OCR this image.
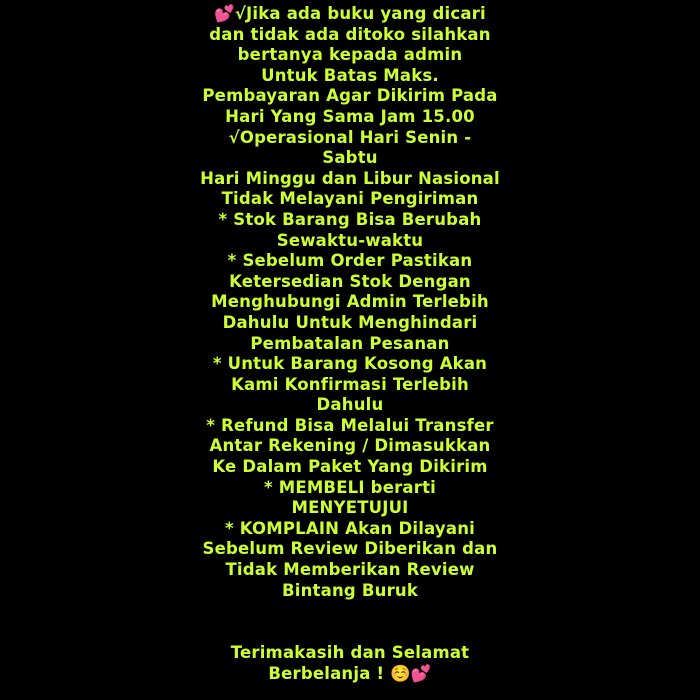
💕√Jika ada buku yang dicari
dan tidak ada ditoko silahkan
bertanya kepada admin
Untuk Batas Maks.
Pembayaran Agar Dikirim Pada
Hari Yang Sama Jam 15.00
√Operasional Hari Senin -
Sabtu
Hari Minggu dan Libur Nasional
Tidak Melayani Pengiriman
* Stok Barang Bisa Berubah
Sewaktu-waktu
* Sebelum Order Pastikan
Ketersedian Stok Dengan
Menghubungi Admin Terlebih
Dahulu Untuk Menghindari
Pembatalan Pesanan
* Untuk Barang Kosong Akan
Kami Konfirmasi Terlebih
Dahulu
* Refund Bisa Melalui Transfer
Antar Rekening / Dimasukkan
Ke Dalam Paket Yang Dikirim
* MEMBELI berarti
MENYETUJUI
* KOMPLAIN Akan Dilayani
Sebelum Review Diberikan dan
Tidak Memberikan Review
Bintang Buruk
Terimakasih dan Selamat
Berbelanja ! ☺️💕
